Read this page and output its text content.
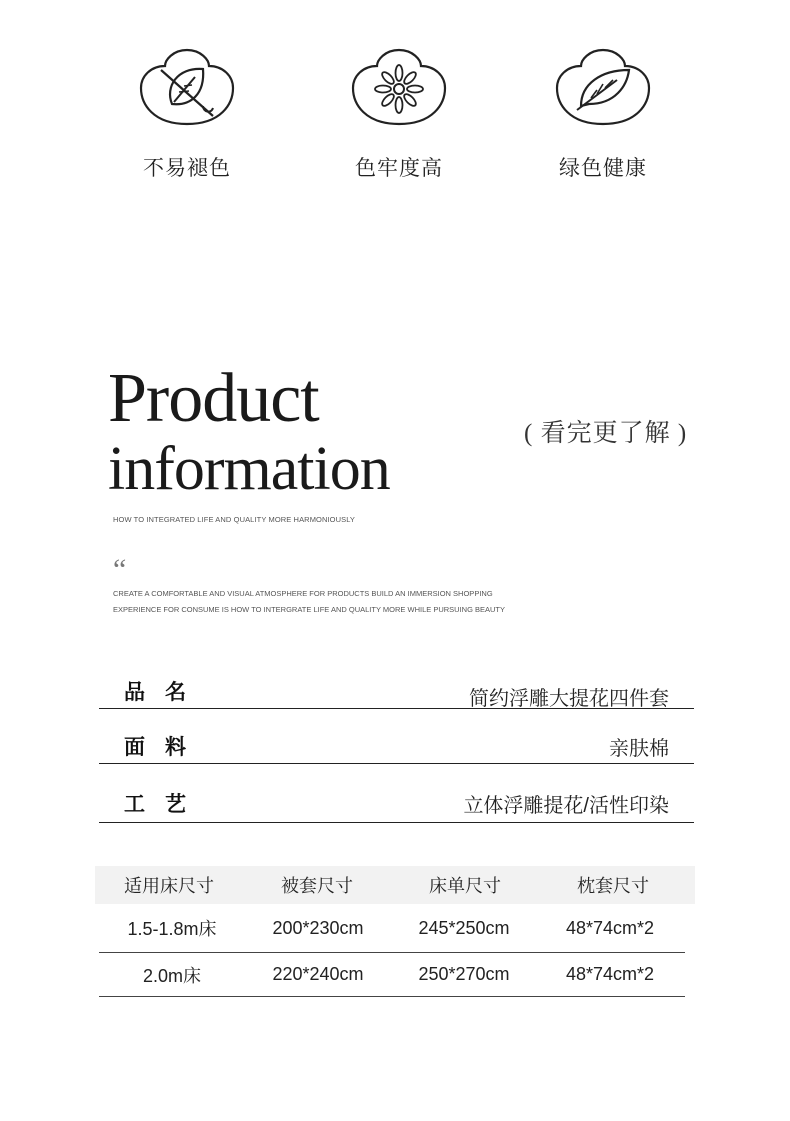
不易褪色	色牢度高	绿色健康
Product
information
( 看完更了解 )
HOW TO INTEGRATED LIFE AND QUALITY MORE HARMONIOUSLY
“
CREATE A COMFORTABLE AND VISUAL ATMOSPHERE FOR PRODUCTS BUILD AN IMMERSION SHOPPING EXPERIENCE FOR CONSUME IS HOW TO INTERGRATE LIFE AND QUALITY MORE WHILE PURSUING BEAUTY
品名	简约浮雕大提花四件套
面料	亲肤棉
工艺	立体浮雕提花/活性印染
适用床尺寸	被套尺寸	床单尺寸	枕套尺寸
1.5-1.8m床	200*230cm	245*250cm	48*74cm*2
2.0m床	220*240cm	250*270cm	48*74cm*2
